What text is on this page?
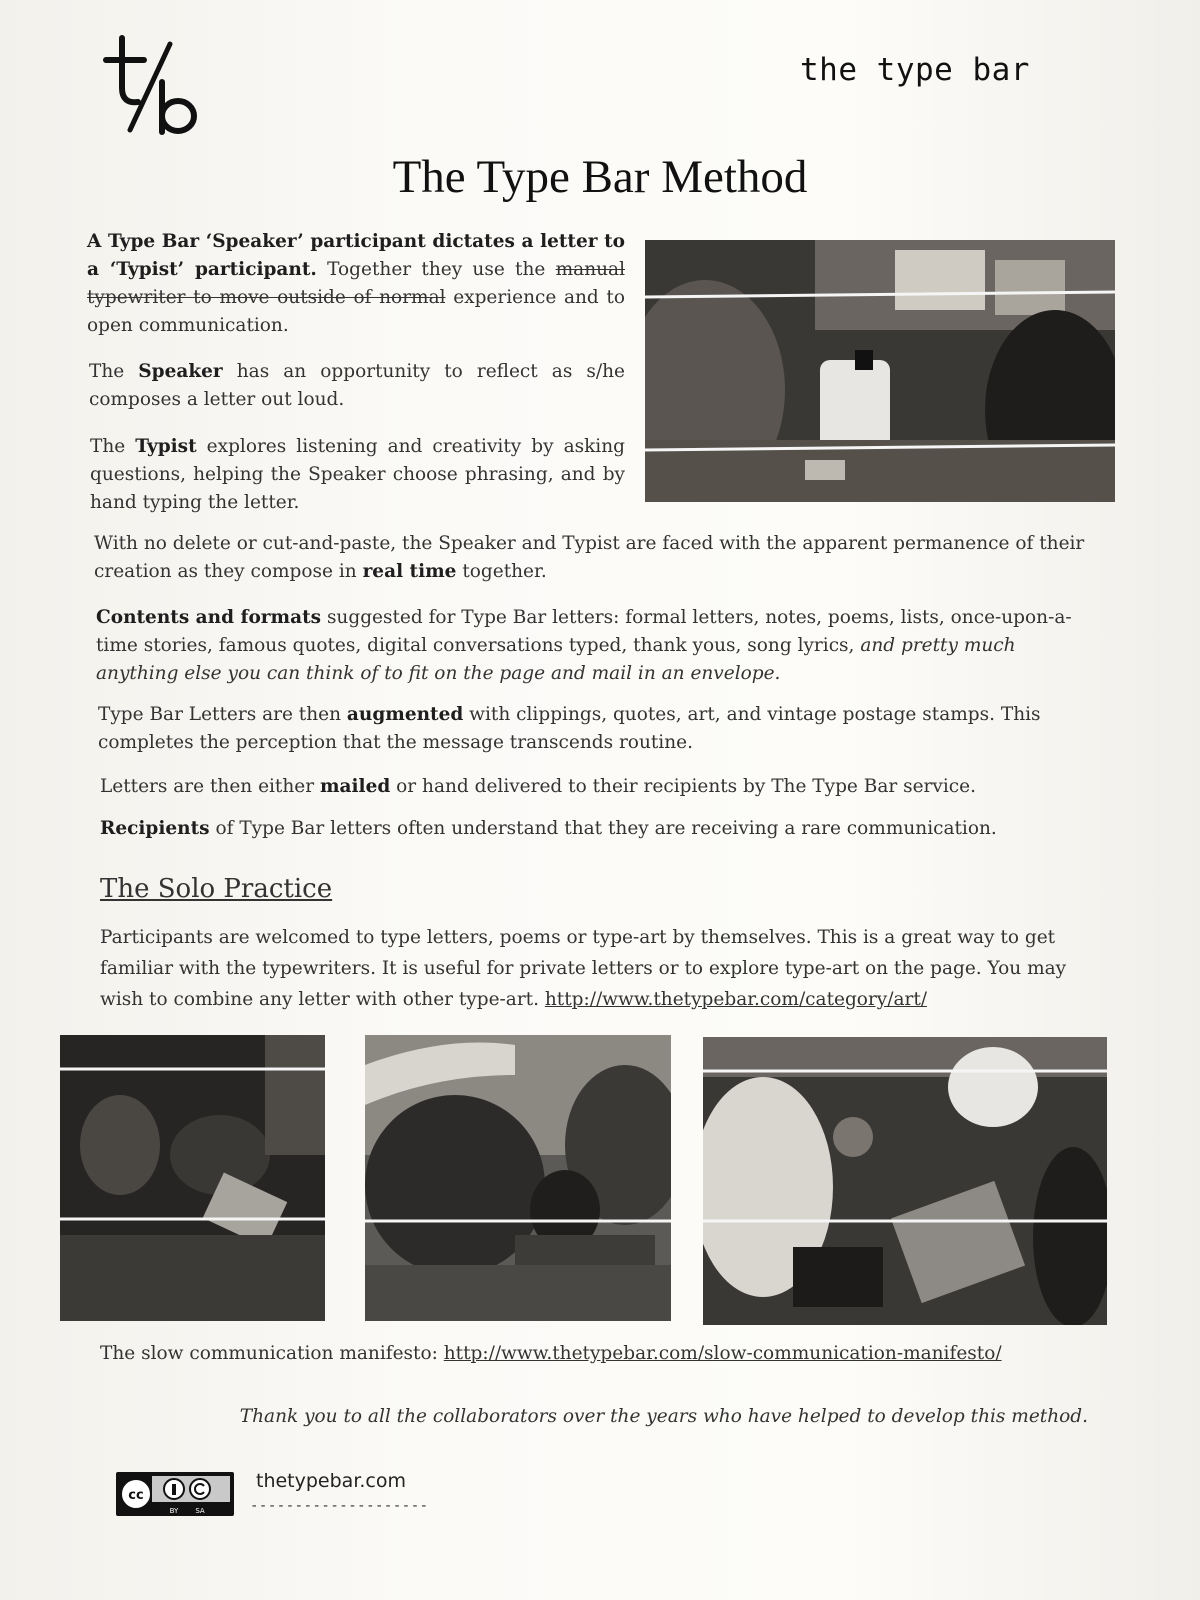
the type bar
The Type Bar Method

A Type Bar ‘Speaker’ participant dictates a letter to a ‘Typist’ participant. Together they use the manual typewriter to move outside of normal experience and to open communication.

The Speaker has an opportunity to reflect as s/he composes a letter out loud.

The Typist explores listening and creativity by asking questions, helping the Speaker choose phrasing, and by hand typing the letter.

With no delete or cut-and-paste, the Speaker and Typist are faced with the apparent permanence of their creation as they compose in real time together.

Contents and formats suggested for Type Bar letters: formal letters, notes, poems, lists, once-upon-a-time stories, famous quotes, digital conversations typed, thank yous, song lyrics, and pretty much anything else you can think of to fit on the page and mail in an envelope.

Type Bar Letters are then augmented with clippings, quotes, art, and vintage postage stamps. This completes the perception that the message transcends routine.

Letters are then either mailed or hand delivered to their recipients by The Type Bar service.

Recipients of Type Bar letters often understand that they are receiving a rare communication.

The Solo Practice

Participants are welcomed to type letters, poems or type-art by themselves. This is a great way to get familiar with the typewriters. It is useful for private letters or to explore type-art on the page. You may wish to combine any letter with other type-art. http://www.thetypebar.com/category/art/

The slow communication manifesto: http://www.thetypebar.com/slow-communication-manifesto/

Thank you to all the collaborators over the years who have helped to develop this method.

cc
BY SA
thetypebar.com
--------------------
